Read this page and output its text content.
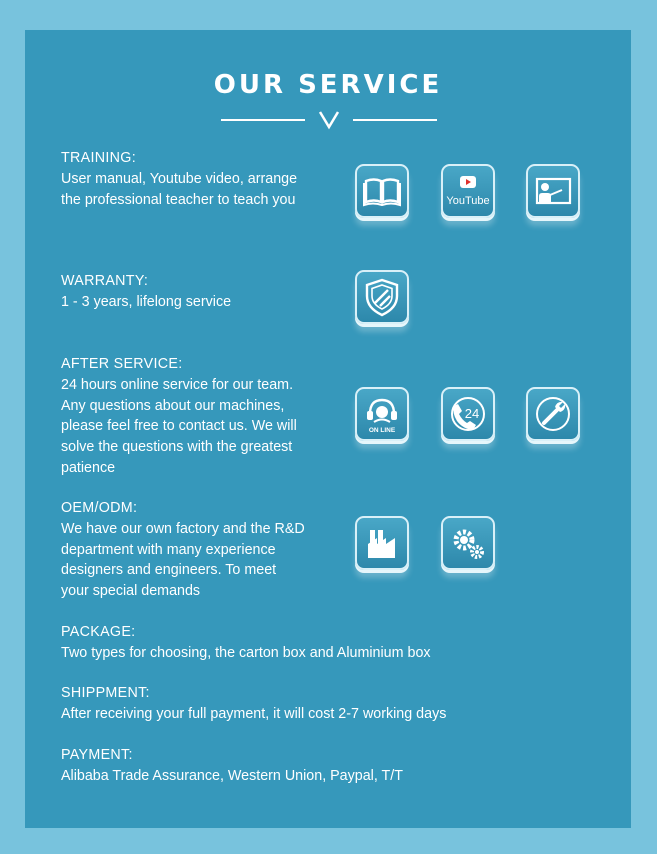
OUR SERVICE
TRAINING:
User manual, Youtube video, arrange
the professional teacher to teach you
WARRANTY:
1 - 3 years, lifelong service
AFTER SERVICE:
24 hours online service for our team.
Any questions about our machines,
please feel free to contact us. We will
solve the questions with the greatest
patience
OEM/ODM:
We have our own factory and the R&D
department with many experience
designers and engineers. To meet
your special demands
PACKAGE:
Two types for choosing, the carton box and Aluminium box
SHIPPMENT:
After receiving your full payment, it will cost 2-7 working days
PAYMENT:
Alibaba Trade Assurance, Western Union, Paypal, T/T
YouTube
ON LINE
24
